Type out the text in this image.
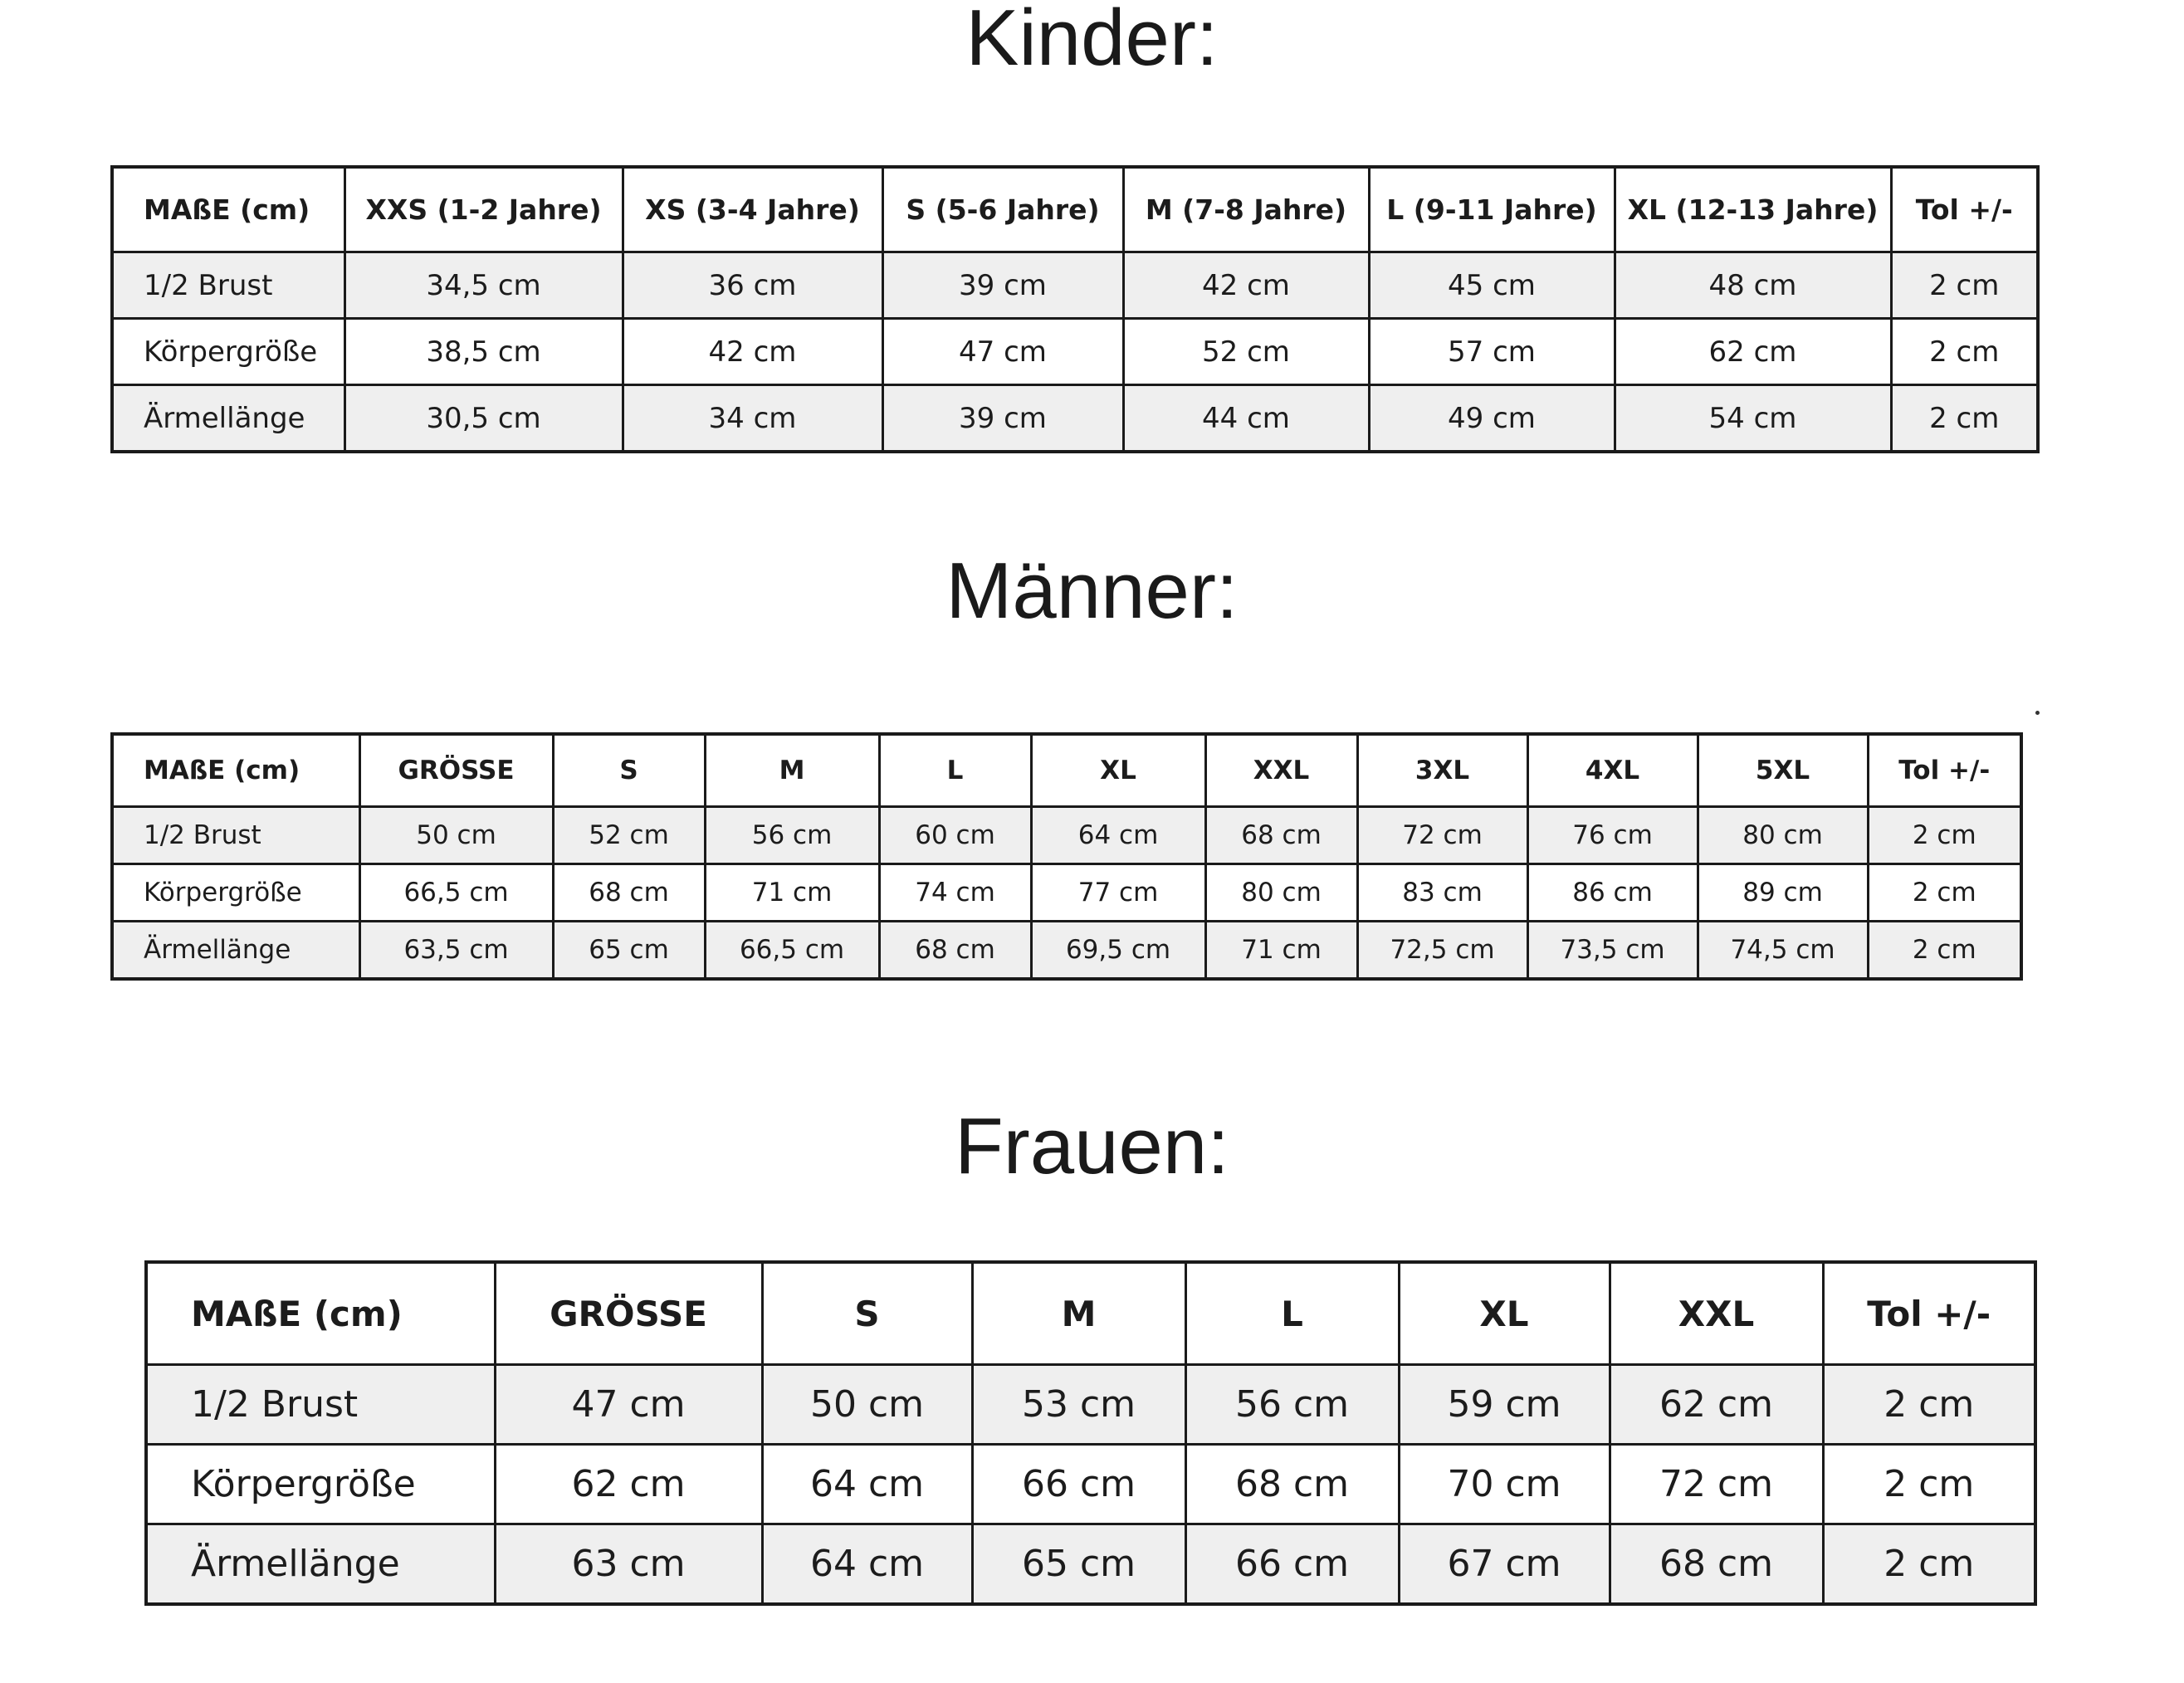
Kinder:
MAßE (cm)	XXS (1-2 Jahre)	XS (3-4 Jahre)	S (5-6 Jahre)	M (7-8 Jahre)	L (9-11 Jahre)	XL (12-13 Jahre)	Tol +/-
1/2 Brust	34,5 cm	36 cm	39 cm	42 cm	45 cm	48 cm	2 cm
Körpergröße	38,5 cm	42 cm	47 cm	52 cm	57 cm	62 cm	2 cm
Ärmellänge	30,5 cm	34 cm	39 cm	44 cm	49 cm	54 cm	2 cm
Männer:
MAßE (cm)	GRÖSSE	S	M	L	XL	XXL	3XL	4XL	5XL	Tol +/-
1/2 Brust	50 cm	52 cm	56 cm	60 cm	64 cm	68 cm	72 cm	76 cm	80 cm	2 cm
Körpergröße	66,5 cm	68 cm	71 cm	74 cm	77 cm	80 cm	83 cm	86 cm	89 cm	2 cm
Ärmellänge	63,5 cm	65 cm	66,5 cm	68 cm	69,5 cm	71 cm	72,5 cm	73,5 cm	74,5 cm	2 cm
Frauen:
MAßE (cm)	GRÖSSE	S	M	L	XL	XXL	Tol +/-
1/2 Brust	47 cm	50 cm	53 cm	56 cm	59 cm	62 cm	2 cm
Körpergröße	62 cm	64 cm	66 cm	68 cm	70 cm	72 cm	2 cm
Ärmellänge	63 cm	64 cm	65 cm	66 cm	67 cm	68 cm	2 cm
